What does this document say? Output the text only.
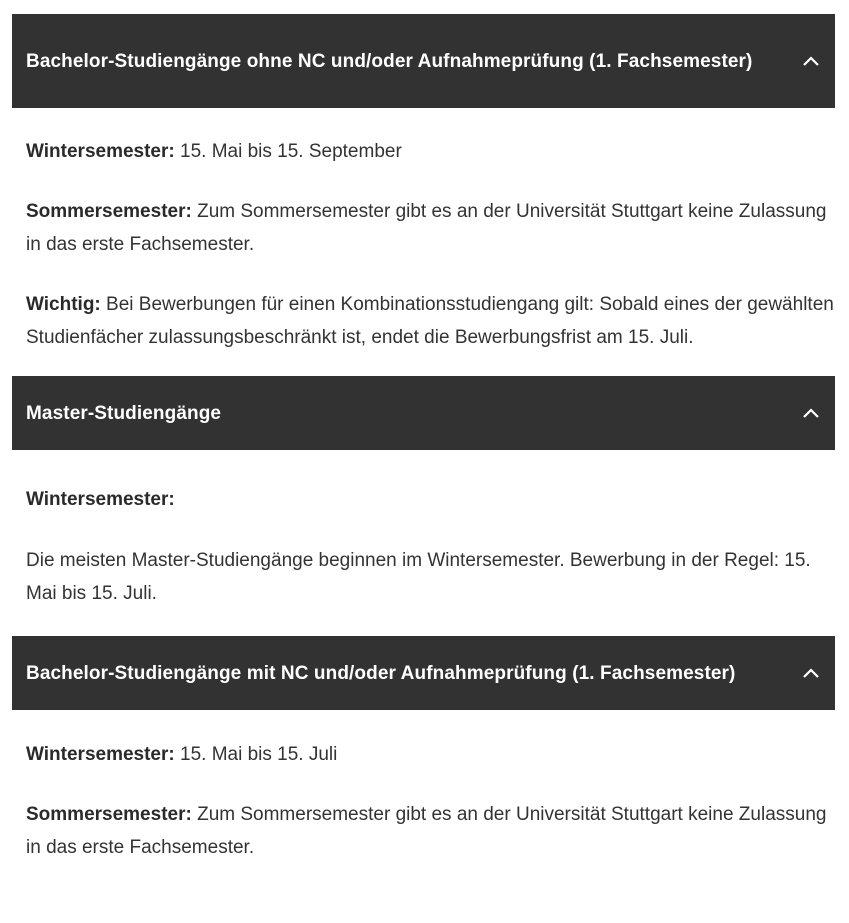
Bachelor-Studiengänge ohne NC und/oder Aufnahmeprüfung (1. Fachsemester)

Wintersemester: 15. Mai bis 15. September

Sommersemester: Zum Sommersemester gibt es an der Universität Stuttgart keine Zulassung in das erste Fachsemester.

Wichtig: Bei Bewerbungen für einen Kombinationsstudiengang gilt: Sobald eines der gewählten Studienfächer zulassungsbeschränkt ist, endet die Bewerbungsfrist am 15. Juli.

Master-Studiengänge

Wintersemester:

Die meisten Master-Studiengänge beginnen im Wintersemester. Bewerbung in der Regel: 15. Mai bis 15. Juli.

Bachelor-Studiengänge mit NC und/oder Aufnahmeprüfung (1. Fachsemester)

Wintersemester: 15. Mai bis 15. Juli

Sommersemester: Zum Sommersemester gibt es an der Universität Stuttgart keine Zulassung in das erste Fachsemester.
